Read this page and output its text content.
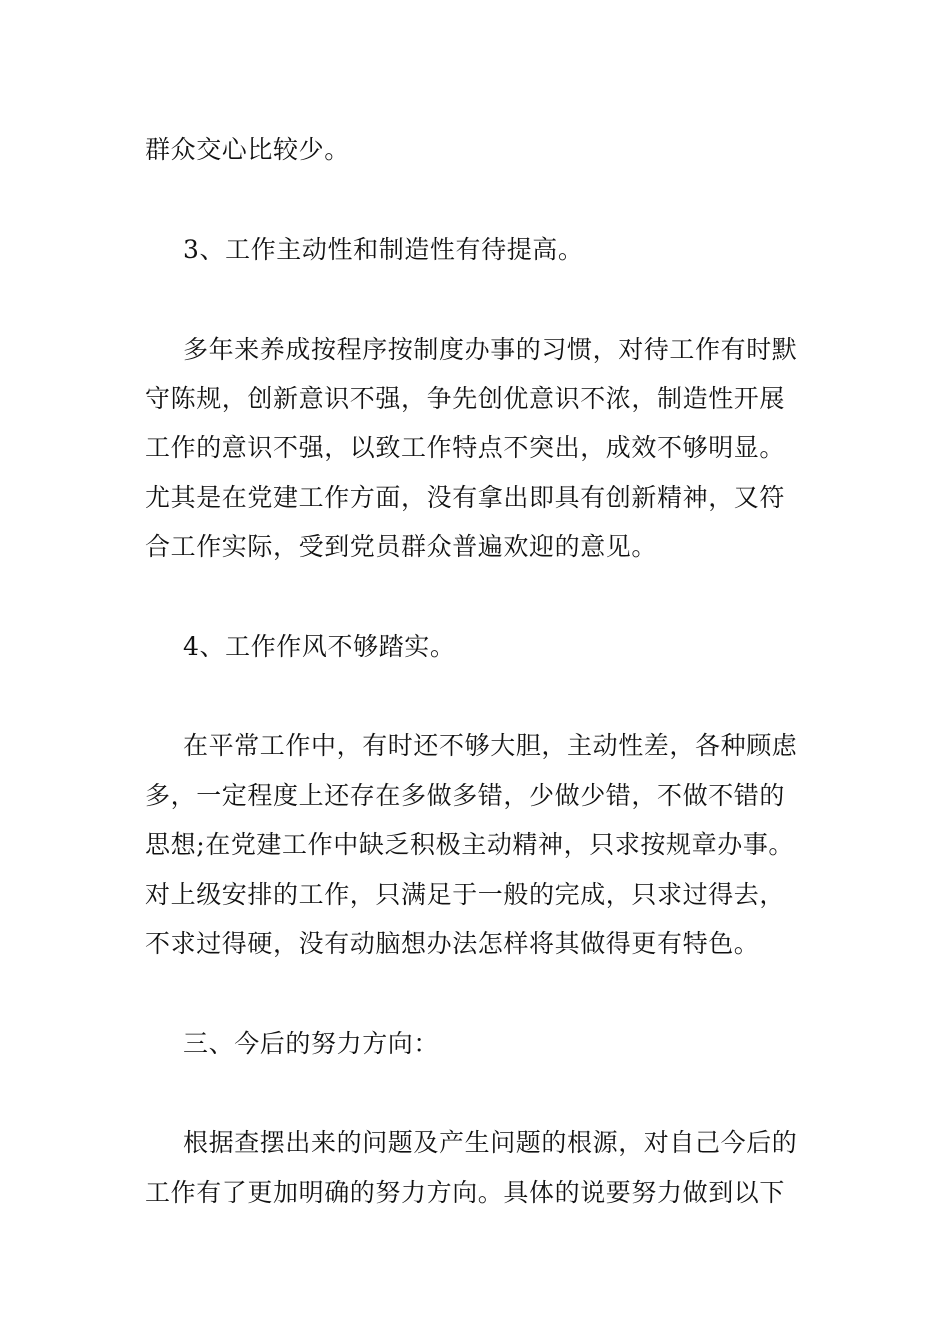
群众交心比较少。
3、工作主动性和制造性有待提高。
多年来养成按程序按制度办事的习惯，对待工作有时默
守陈规，创新意识不强，争先创优意识不浓，制造性开展
工作的意识不强，以致工作特点不突出，成效不够明显。
尤其是在党建工作方面，没有拿出即具有创新精神，又符
合工作实际，受到党员群众普遍欢迎的意见。
4、工作作风不够踏实。
在平常工作中，有时还不够大胆，主动性差，各种顾虑
多，一定程度上还存在多做多错，少做少错，不做不错的
思想;在党建工作中缺乏积极主动精神，只求按规章办事。
对上级安排的工作，只满足于一般的完成，只求过得去，
不求过得硬，没有动脑想办法怎样将其做得更有特色。
三、今后的努力方向：
根据查摆出来的问题及产生问题的根源，对自己今后的
工作有了更加明确的努力方向。具体的说要努力做到以下
